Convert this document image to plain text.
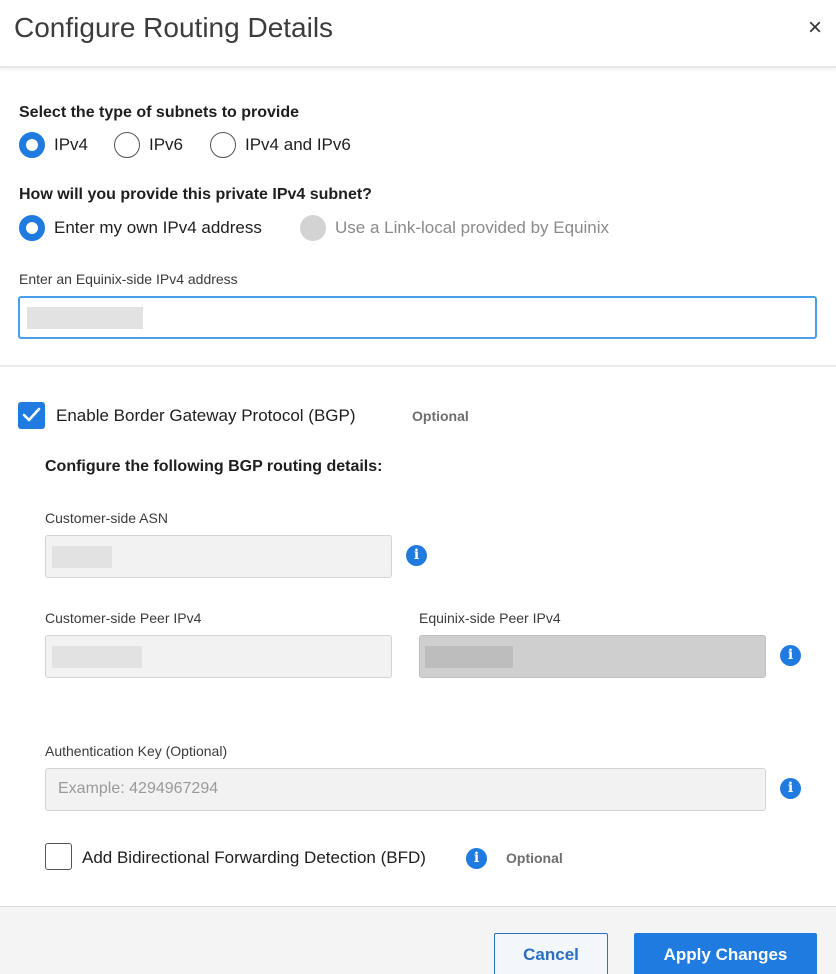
Configure Routing Details	×
Select the type of subnets to provide
IPv4	IPv6	IPv4 and IPv6
How will you provide this private IPv4 subnet?
Enter my own IPv4 address	Use a Link-local provided by Equinix
Enter an Equinix-side IPv4 address
Enable Border Gateway Protocol (BGP)	Optional
Configure the following BGP routing details:
Customer-side ASN
i
Customer-side Peer IPv4	Equinix-side Peer IPv4
i
Authentication Key (Optional)
Example: 4294967294	i
Add Bidirectional Forwarding Detection (BFD)	i	Optional
Cancel	Apply Changes
